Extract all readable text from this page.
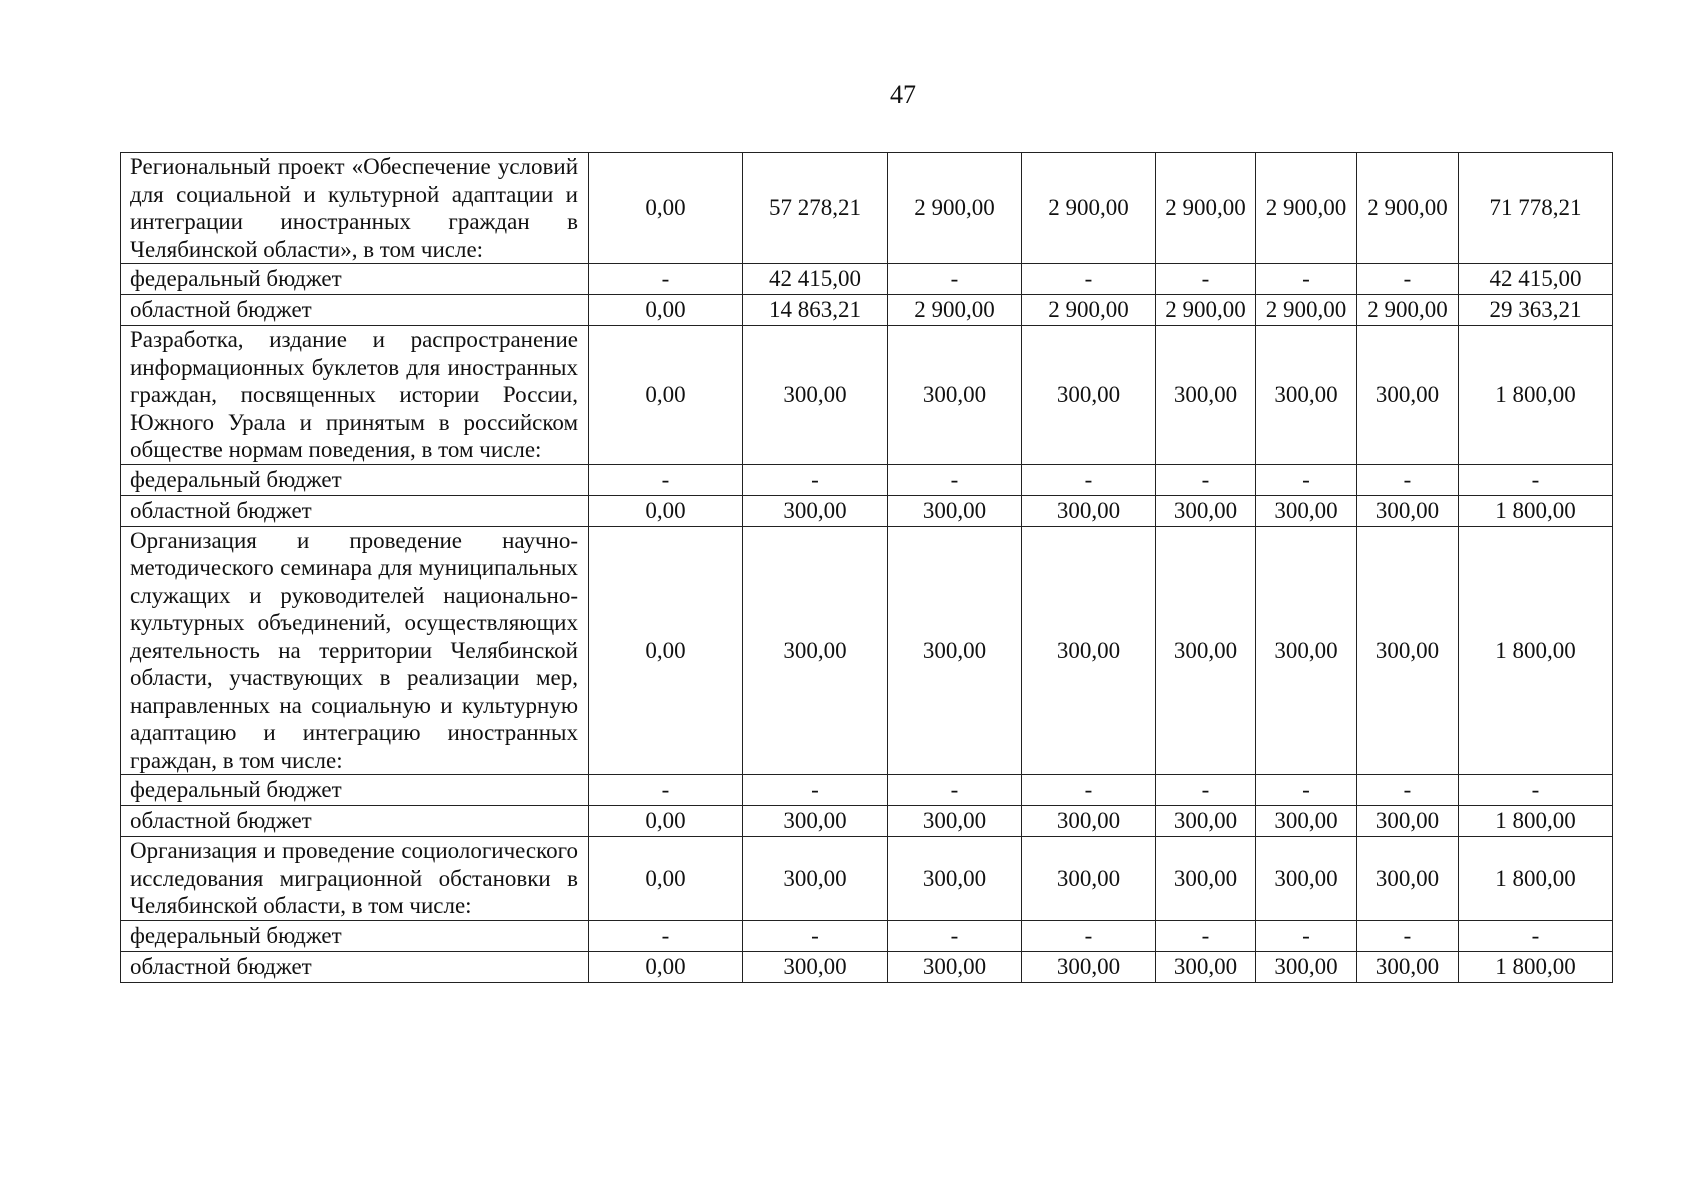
47
Региональный проект «Обеспечение условий для социальной и культурной адаптации и интеграции иностранных граждан в Челябинской области», в том числе:	0,00	57 278,21	2 900,00	2 900,00	2 900,00	2 900,00	2 900,00	71 778,21
федеральный бюджет	-	42 415,00	-	-	-	-	-	42 415,00
областной бюджет	0,00	14 863,21	2 900,00	2 900,00	2 900,00	2 900,00	2 900,00	29 363,21
Разработка, издание и распространение информационных буклетов для иностранных граждан, посвященных истории России, Южного Урала и принятым в российском обществе нормам поведения, в том числе:	0,00	300,00	300,00	300,00	300,00	300,00	300,00	1 800,00
федеральный бюджет	-	-	-	-	-	-	-	-
областной бюджет	0,00	300,00	300,00	300,00	300,00	300,00	300,00	1 800,00
Организация и проведение научно-методического семинара для муниципальных служащих и руководителей национально-культурных объединений, осуществляющих деятельность на территории Челябинской области, участвующих в реализации мер, направленных на социальную и культурную адаптацию и интеграцию иностранных граждан, в том числе:	0,00	300,00	300,00	300,00	300,00	300,00	300,00	1 800,00
федеральный бюджет	-	-	-	-	-	-	-	-
областной бюджет	0,00	300,00	300,00	300,00	300,00	300,00	300,00	1 800,00
Организация и проведение социологического исследования миграционной обстановки в Челябинской области, в том числе:	0,00	300,00	300,00	300,00	300,00	300,00	300,00	1 800,00
федеральный бюджет	-	-	-	-	-	-	-	-
областной бюджет	0,00	300,00	300,00	300,00	300,00	300,00	300,00	1 800,00
